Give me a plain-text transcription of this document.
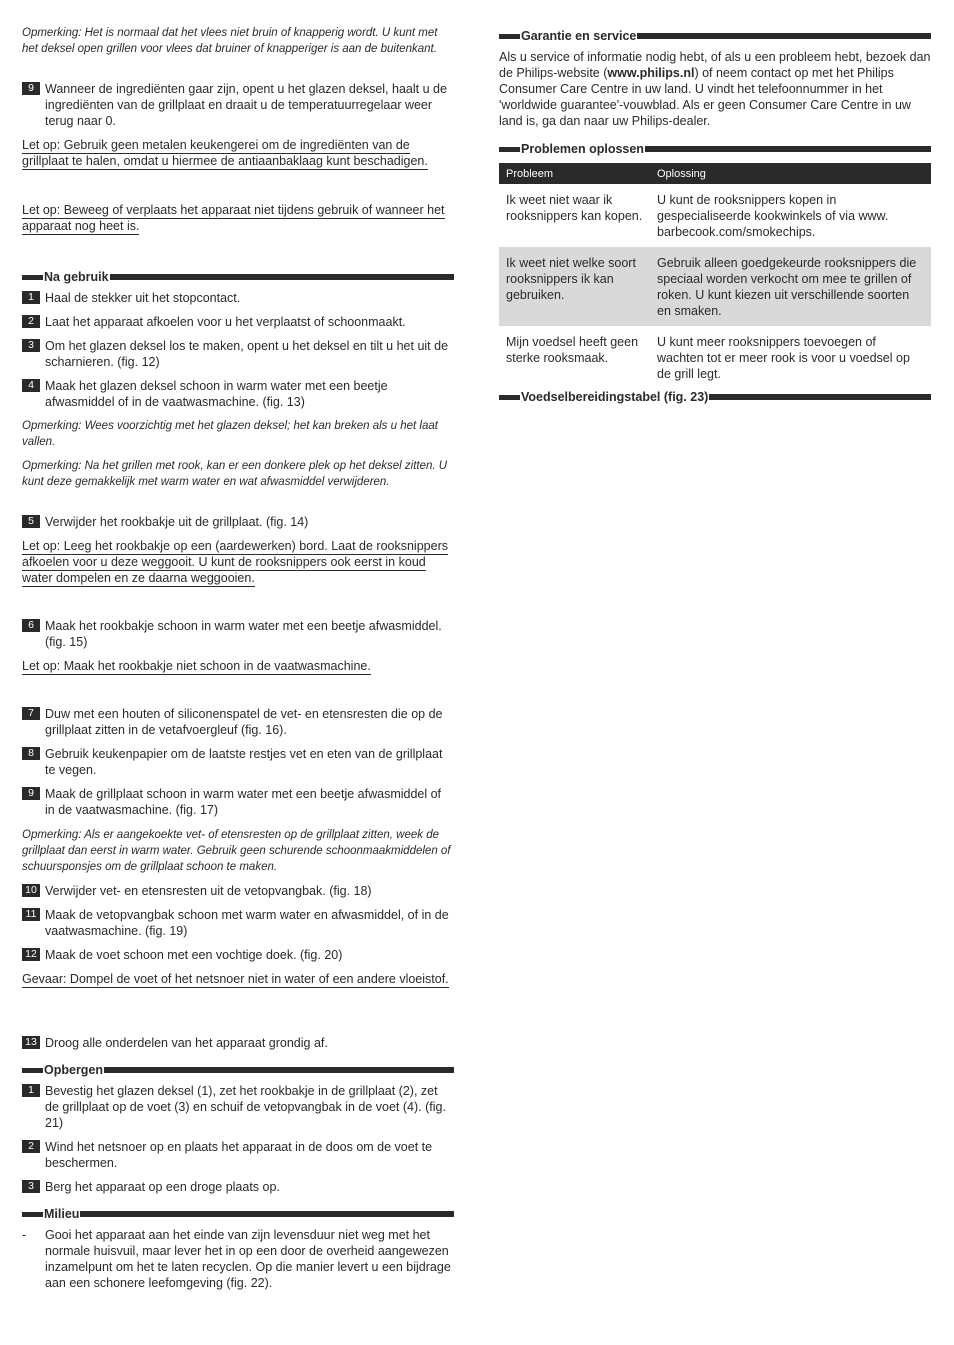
Opmerking: Het is normaal dat het vlees niet bruin of knapperig wordt. U kunt met het deksel open grillen voor vlees dat bruiner of knapperiger is aan de buitenkant.

9 Wanneer de ingrediënten gaar zijn, opent u het glazen deksel, haalt u de ingrediënten van de grillplaat en draait u de temperatuurregelaar weer terug naar 0.
Let op: Gebruik geen metalen keukengerei om de ingrediënten van de grillplaat te halen, omdat u hiermee de antiaanbaklaag kunt beschadigen.
Let op: Beweeg of verplaats het apparaat niet tijdens gebruik of wanneer het apparaat nog heet is.
Na gebruik
1 Haal de stekker uit het stopcontact.
2 Laat het apparaat afkoelen voor u het verplaatst of schoonmaakt.
3 Om het glazen deksel los te maken, opent u het deksel en tilt u het uit de scharnieren. (fig. 12)
4 Maak het glazen deksel schoon in warm water met een beetje afwasmiddel of in de vaatwasmachine. (fig. 13)

Opmerking: Wees voorzichtig met het glazen deksel; het kan breken als u het laat vallen.

Opmerking: Na het grillen met rook, kan er een donkere plek op het deksel zitten. U kunt deze gemakkelijk met warm water en wat afwasmiddel verwijderen.

5 Verwijder het rookbakje uit de grillplaat. (fig. 14)
Let op: Leeg het rookbakje op een (aardewerken) bord. Laat de rooksnippers afkoelen voor u deze weggooit. U kunt de rooksnippers ook eerst in koud water dompelen en ze daarna weggooien.
6 Maak het rookbakje schoon in warm water met een beetje afwasmiddel. (fig. 15)
Let op: Maak het rookbakje niet schoon in de vaatwasmachine.
7 Duw met een houten of siliconenspatel de vet- en etensresten die op de grillplaat zitten in de vetafvoergleuf (fig. 16).
8 Gebruik keukenpapier om de laatste restjes vet en eten van de grillplaat te vegen.
9 Maak de grillplaat schoon in warm water met een beetje afwasmiddel of in de vaatwasmachine. (fig. 17)

Opmerking: Als er aangekoekte vet- of etensresten op de grillplaat zitten, week de grillplaat dan eerst in warm water. Gebruik geen schurende schoonmaakmiddelen of schuursponsjes om de grillplaat schoon te maken.

10 Verwijder vet- en etensresten uit de vetopvangbak. (fig. 18)
11 Maak de vetopvangbak schoon met warm water en afwasmiddel, of in de vaatwasmachine. (fig. 19)
12 Maak de voet schoon met een vochtige doek. (fig. 20)
Gevaar: Dompel de voet of het netsnoer niet in water of een andere vloeistof.
13 Droog alle onderdelen van het apparaat grondig af.
Opbergen
1 Bevestig het glazen deksel (1), zet het rookbakje in de grillplaat (2), zet de grillplaat op de voet (3) en schuif de vetopvangbak in de voet (4). (fig. 21)
2 Wind het netsnoer op en plaats het apparaat in de doos om de voet te beschermen.
3 Berg het apparaat op een droge plaats op.
Milieu
-	Gooi het apparaat aan het einde van zijn levensduur niet weg met het normale huisvuil, maar lever het in op een door de overheid aangewezen inzamelpunt om het te laten recyclen. Op die manier levert u een bijdrage aan een schonere leefomgeving (fig. 22).
Garantie en service

Als u service of informatie nodig hebt, of als u een probleem hebt, bezoek dan de Philips-website (www.philips.nl) of neem contact op met het Philips Consumer Care Centre in uw land. U vindt het telefoonnummer in het 'worldwide guarantee'-vouwblad. Als er geen Consumer Care Centre in uw land is, ga dan naar uw Philips-dealer.

Problemen oplossen
Probleem	Oplossing
Ik weet niet waar ik rooksnippers kan kopen.	U kunt de rooksnippers kopen in gespecialiseerde kookwinkels of via www. barbecook.com/smokechips.
Ik weet niet welke soort rooksnippers ik kan gebruiken.	Gebruik alleen goedgekeurde rooksnippers die speciaal worden verkocht om mee te grillen of roken. U kunt kiezen uit verschillende soorten en smaken.
Mijn voedsel heeft geen sterke rooksmaak.	U kunt meer rooksnippers toevoegen of wachten tot er meer rook is voor u voedsel op de grill legt.
Voedselbereidingstabel (fig. 23)
